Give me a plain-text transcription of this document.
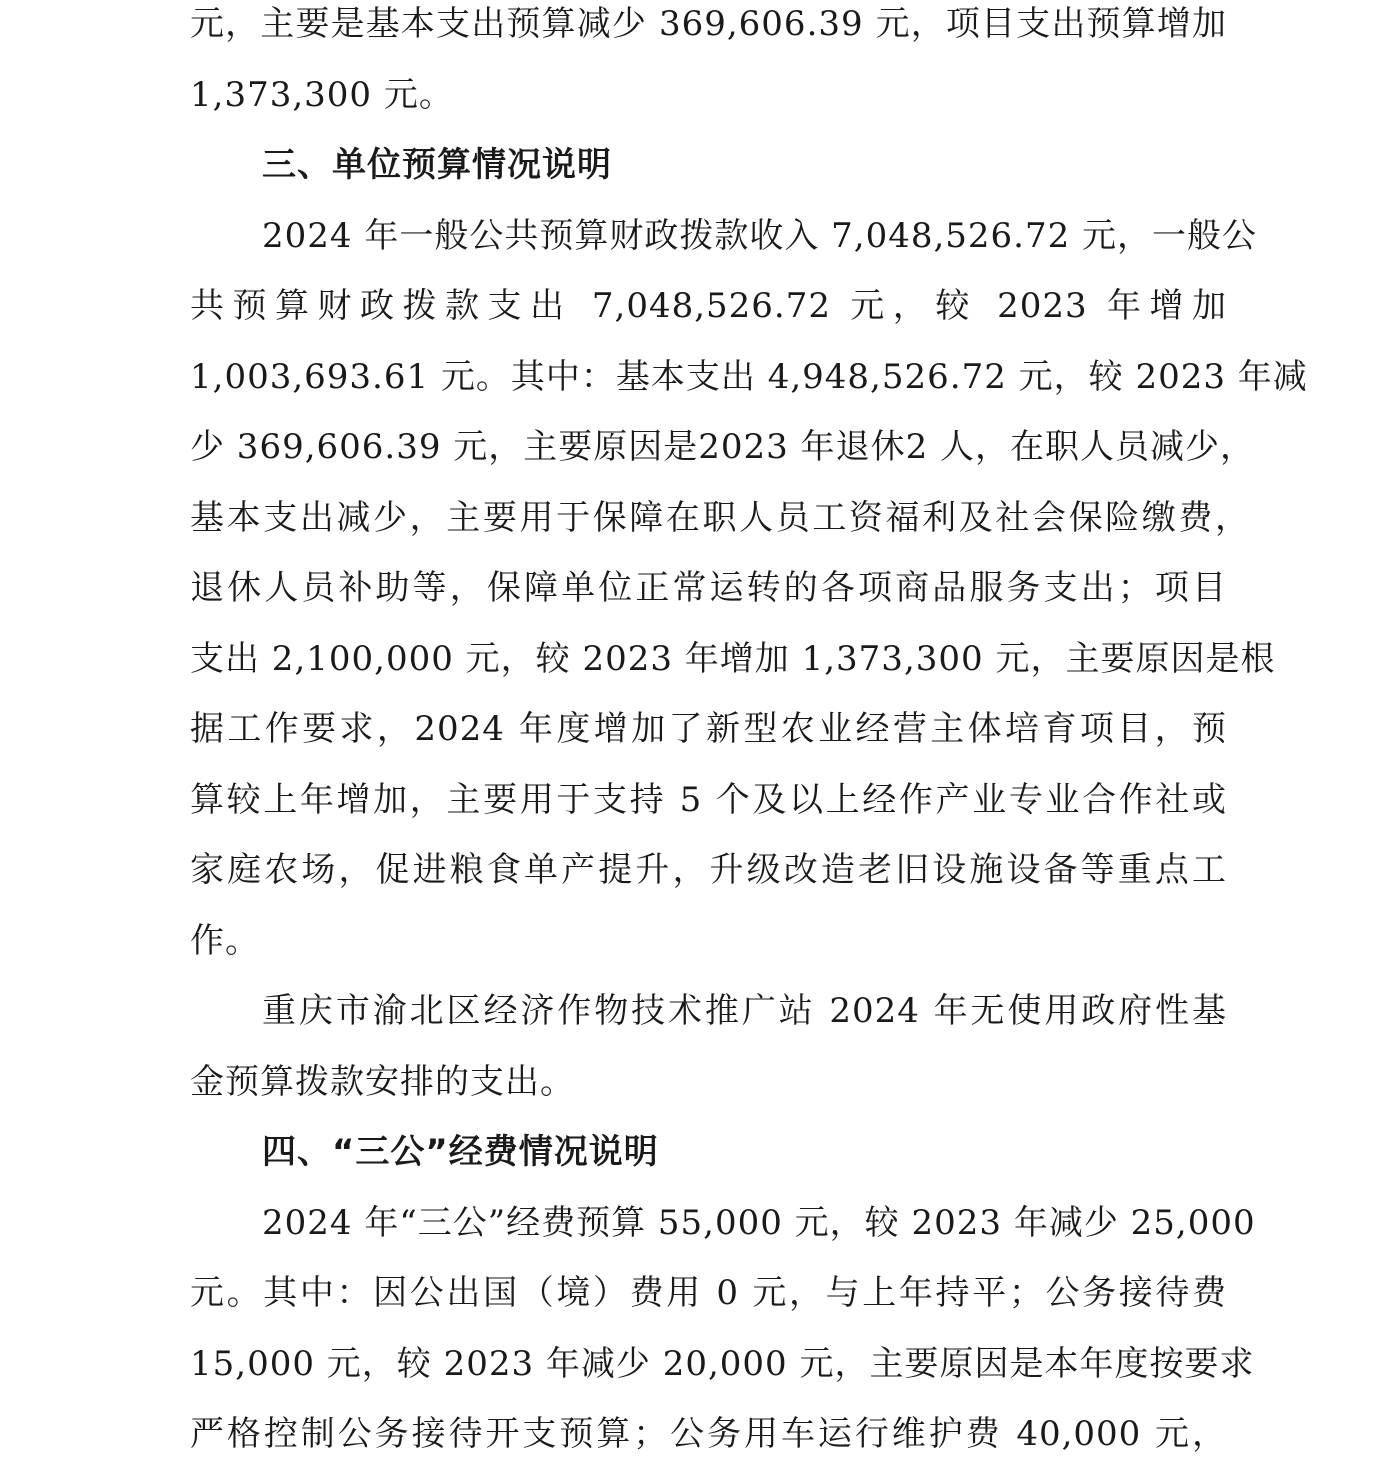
元，主要是基本支出预算减少 369,606.39 元，项目支出预算增加
1,373,300 元。
三、单位预算情况说明
2024 年一般公共预算财政拨款收入 7,048,526.72 元，一般公
共预算财政拨款支出 7,048,526.72 元，较 2023 年增加
1,003,693.61 元。其中：基本支出 4,948,526.72 元，较 2023 年减
少 369,606.39 元，主要原因是2023 年退休2 人，在职人员减少，
基本支出减少，主要用于保障在职人员工资福利及社会保险缴费，
退休人员补助等，保障单位正常运转的各项商品服务支出；项目
支出 2,100,000 元，较 2023 年增加 1,373,300 元，主要原因是根
据工作要求，2024 年度增加了新型农业经营主体培育项目，预
算较上年增加，主要用于支持 5 个及以上经作产业专业合作社或
家庭农场，促进粮食单产提升，升级改造老旧设施设备等重点工
作。
重庆市渝北区经济作物技术推广站 2024 年无使用政府性基
金预算拨款安排的支出。
四、“三公”经费情况说明
2024 年“三公”经费预算 55,000 元，较 2023 年减少 25,000
元。其中：因公出国（境）费用 0 元，与上年持平；公务接待费
15,000 元，较 2023 年减少 20,000 元，主要原因是本年度按要求
严格控制公务接待开支预算；公务用车运行维护费 40,000 元，
